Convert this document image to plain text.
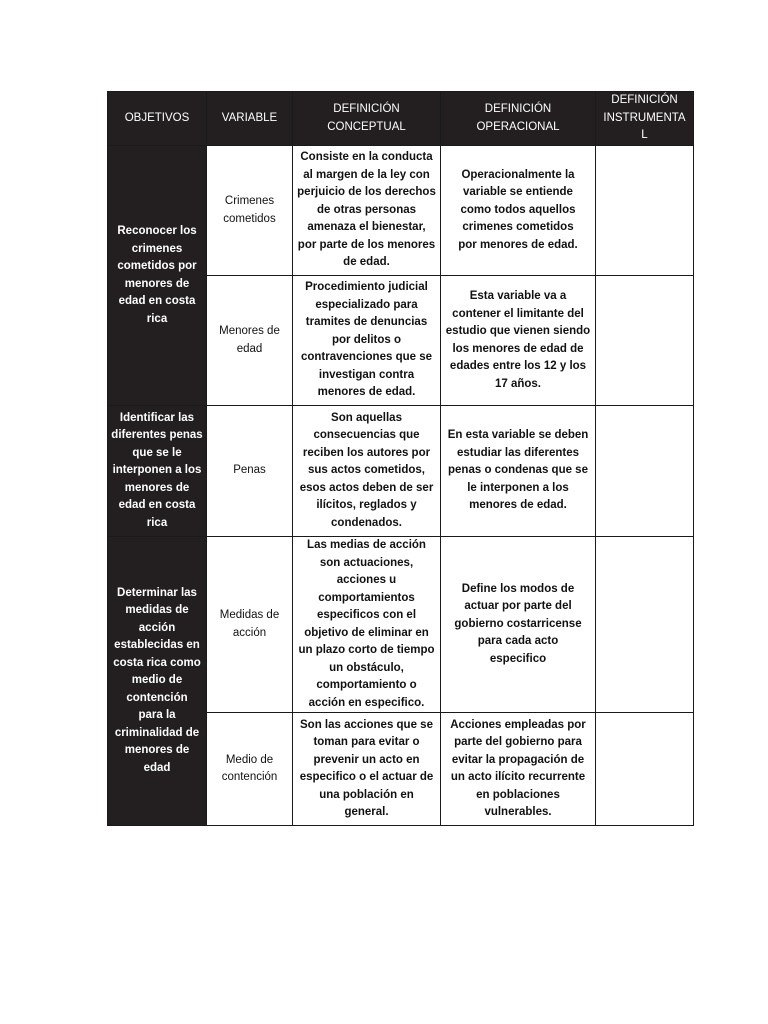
OBJETIVOS	VARIABLE	DEFINICIÓN CONCEPTUAL	DEFINICIÓN OPERACIONAL	DEFINICIÓN INSTRUMENTA L
Reconocer los crimenes cometidos por menores de edad en costa rica	Crimenes cometidos	Consiste en la conducta al margen de la ley con perjuicio de los derechos de otras personas amenaza el bienestar, por parte de los menores de edad.	Operacionalmente la variable se entiende como todos aquellos crimenes cometidos por menores de edad.	
	Menores de edad	Procedimiento judicial especializado para tramites de denuncias por delitos o contravenciones que se investigan contra menores de edad.	Esta variable va a contener el limitante del estudio que vienen siendo los menores de edad de edades entre los 12 y los 17 años.	
Identificar las diferentes penas que se le interponen a los menores de edad en costa rica	Penas	Son aquellas consecuencias que reciben los autores por sus actos cometidos, esos actos deben de ser ilícitos, reglados y condenados.	En esta variable se deben estudiar las diferentes penas o condenas que se le interponen a los menores de edad.	
Determinar las medidas de acción establecidas en costa rica como medio de contención para la criminalidad de menores de edad	Medidas de acción	Las medias de acción son actuaciones, acciones u comportamientos especificos con el objetivo de eliminar en un plazo corto de tiempo un obstáculo, comportamiento o acción en especifico.	Define los modos de actuar por parte del gobierno costarricense para cada acto especifico	
	Medio de contención	Son las acciones que se toman para evitar o prevenir un acto en especifico o el actuar de una población en general.	Acciones empleadas por parte del gobierno para evitar la propagación de un acto ilícito recurrente en poblaciones vulnerables.	
